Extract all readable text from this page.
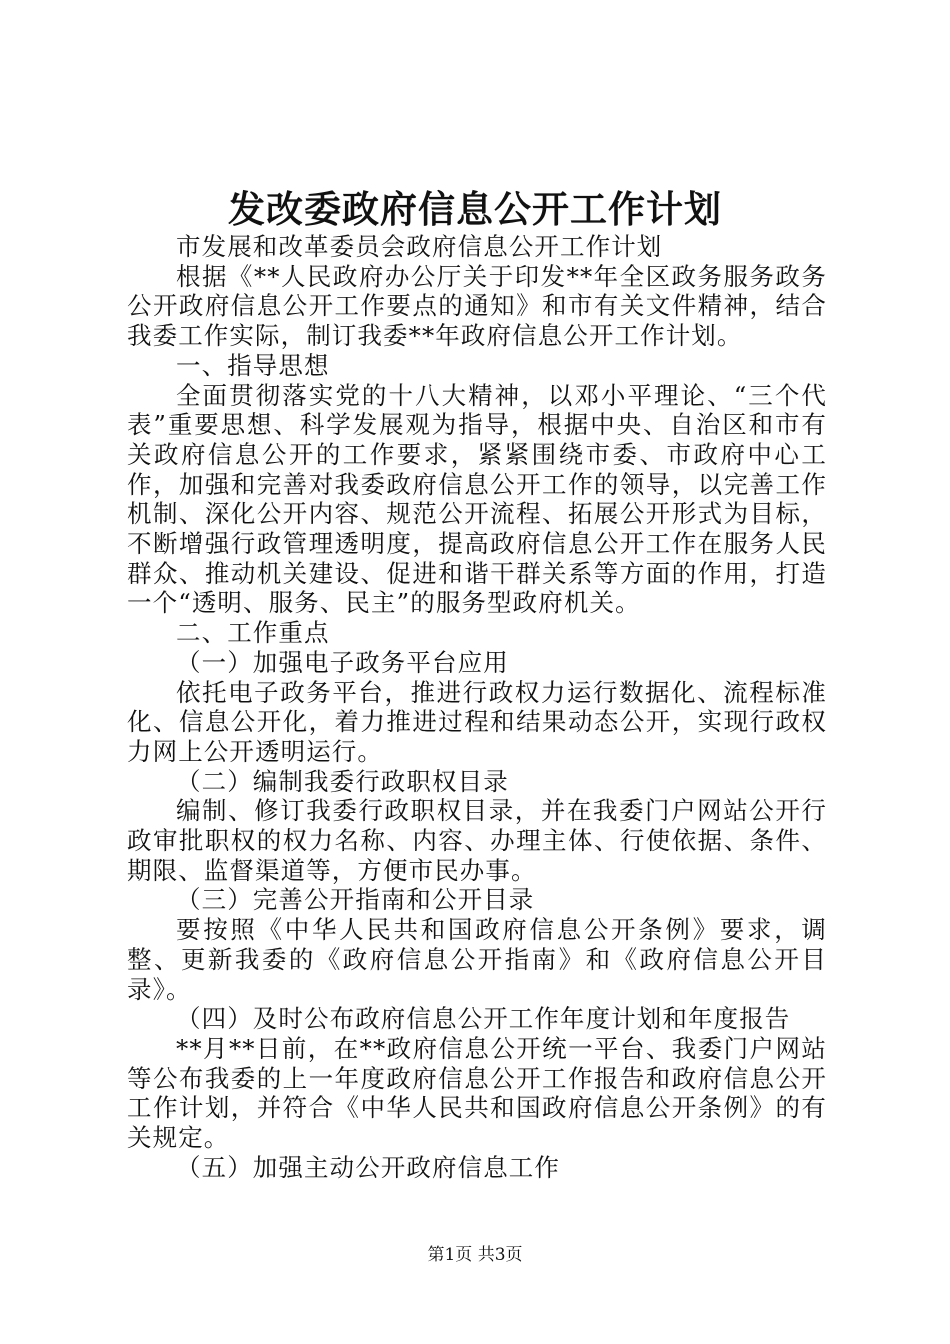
发改委政府信息公开工作计划

市发展和改革委员会政府信息公开工作计划

根据《**人民政府办公厅关于印发**年全区政务服务政务公开政府信息公开工作要点的通知》和市有关文件精神，结合我委工作实际，制订我委**年政府信息公开工作计划。

一、指导思想

全面贯彻落实党的十八大精神，以邓小平理论、“三个代表”重要思想、科学发展观为指导，根据中央、自治区和市有关政府信息公开的工作要求，紧紧围绕市委、市政府中心工作，加强和完善对我委政府信息公开工作的领导，以完善工作机制、深化公开内容、规范公开流程、拓展公开形式为目标，不断增强行政管理透明度，提高政府信息公开工作在服务人民群众、推动机关建设、促进和谐干群关系等方面的作用，打造一个“透明、服务、民主”的服务型政府机关。

二、工作重点

（一）加强电子政务平台应用

依托电子政务平台，推进行政权力运行数据化、流程标准化、信息公开化，着力推进过程和结果动态公开，实现行政权力网上公开透明运行。

（二）编制我委行政职权目录

编制、修订我委行政职权目录，并在我委门户网站公开行政审批职权的权力名称、内容、办理主体、行使依据、条件、期限、监督渠道等，方便市民办事。

（三）完善公开指南和公开目录

要按照《中华人民共和国政府信息公开条例》要求，调整、更新我委的《政府信息公开指南》和《政府信息公开目录》。

（四）及时公布政府信息公开工作年度计划和年度报告

**月**日前，在**政府信息公开统一平台、我委门户网站等公布我委的上一年度政府信息公开工作报告和政府信息公开工作计划，并符合《中华人民共和国政府信息公开条例》的有关规定。

（五）加强主动公开政府信息工作

第1页 共3页
